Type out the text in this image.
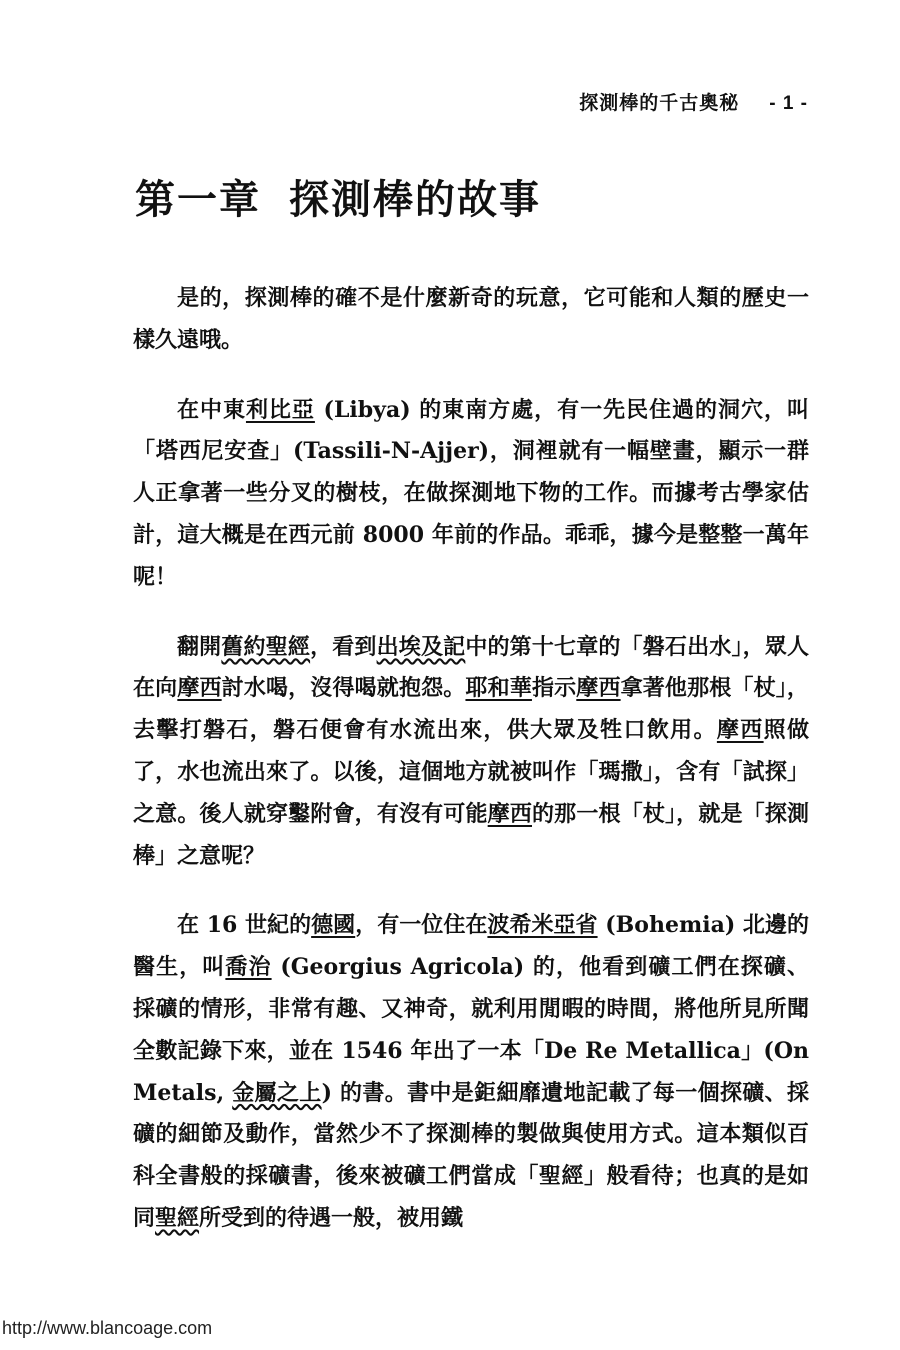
探測棒的千古奧秘 - 1 -
第一章 探測棒的故事

是的，探測棒的確不是什麼新奇的玩意，它可能和人類的歷史一樣久遠哦。

在中東利比亞 (Libya) 的東南方處，有一先民住過的洞穴，叫「塔西尼安查」(Tassili-N-Ajjer)，洞裡就有一幅壁畫，顯示一群人正拿著一些分叉的樹枝，在做探測地下物的工作。而據考古學家估計，這大概是在西元前 8000 年前的作品。乖乖，據今是整整一萬年呢！

翻開舊約聖經，看到出埃及記中的第十七章的「磐石出水」，眾人在向摩西討水喝，沒得喝就抱怨。耶和華指示摩西拿著他那根「杖」，去擊打磐石，磐石便會有水流出來，供大眾及牲口飲用。摩西照做了，水也流出來了。以後，這個地方就被叫作「瑪撒」，含有「試探」之意。後人就穿鑿附會，有沒有可能摩西的那一根「杖」，就是「探測棒」之意呢？

在 16 世紀的德國，有一位住在波希米亞省 (Bohemia) 北邊的醫生，叫喬治 (Georgius Agricola) 的，他看到礦工們在探礦、採礦的情形，非常有趣、又神奇，就利用閒暇的時間，將他所見所聞全數記錄下來，並在 1546 年出了一本「De Re Metallica」(On Metals, 金屬之上) 的書。書中是鉅細靡遺地記載了每一個探礦、採礦的細節及動作，當然少不了探測棒的製做與使用方式。這本類似百科全書般的採礦書，後來被礦工們當成「聖經」般看待；也真的是如同聖經所受到的待遇一般，被用鐵

http://www.blancoage.com
